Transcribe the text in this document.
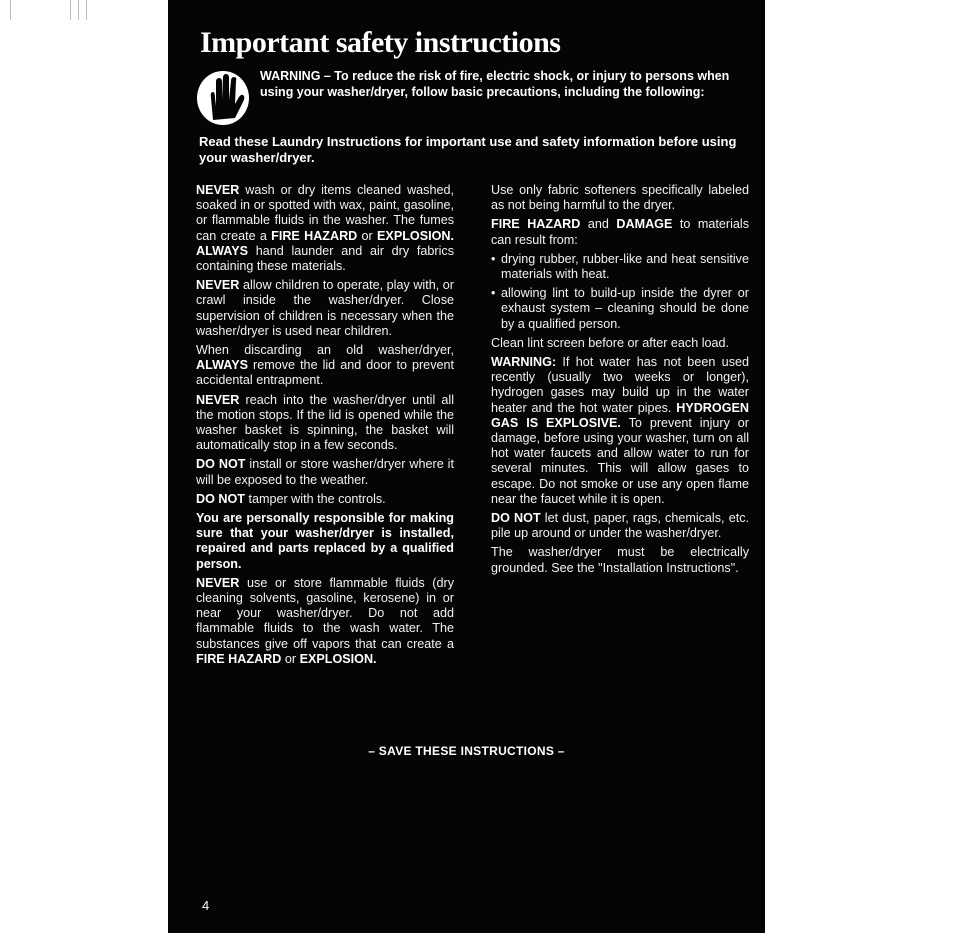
Important safety instructions

WARNING – To reduce the risk of fire, electric shock, or injury to persons when using your washer/dryer, follow basic precautions, including the following:

Read these Laundry Instructions for important use and safety information before using your washer/dryer.

NEVER wash or dry items cleaned washed, soaked in or spotted with wax, paint, gasoline, or flammable fluids in the washer. The fumes can create a FIRE HAZARD or EXPLOSION. ALWAYS hand launder and air dry fabrics containing these materials.

NEVER allow children to operate, play with, or crawl inside the washer/dryer. Close supervision of children is necessary when the washer/dryer is used near children.

When discarding an old washer/dryer, ALWAYS remove the lid and door to prevent accidental entrapment.

NEVER reach into the washer/dryer until all the motion stops. If the lid is opened while the washer basket is spinning, the basket will automatically stop in a few seconds.

DO NOT install or store washer/dryer where it will be exposed to the weather.

DO NOT tamper with the controls.

You are personally responsible for making sure that your washer/dryer is installed, repaired and parts replaced by a qualified person.

NEVER use or store flammable fluids (dry cleaning solvents, gasoline, kerosene) in or near your washer/dryer. Do not add flammable fluids to the wash water. The substances give off vapors that can create a FIRE HAZARD or EXPLOSION.

Use only fabric softeners specifically labeled as not being harmful to the dryer.

FIRE HAZARD and DAMAGE to materials can result from:

• drying rubber, rubber-like and heat sensitive materials with heat.
• allowing lint to build-up inside the dyrer or exhaust system – cleaning should be done by a qualified person.

Clean lint screen before or after each load.

WARNING: If hot water has not been used recently (usually two weeks or longer), hydrogen gases may build up in the water heater and the hot water pipes. HYDROGEN GAS IS EXPLOSIVE. To prevent injury or damage, before using your washer, turn on all hot water faucets and allow water to run for several minutes. This will allow gases to escape. Do not smoke or use any open flame near the faucet while it is open.

DO NOT let dust, paper, rags, chemicals, etc. pile up around or under the washer/dryer.

The washer/dryer must be electrically grounded. See the "Installation Instructions".

– SAVE THESE INSTRUCTIONS –

4
